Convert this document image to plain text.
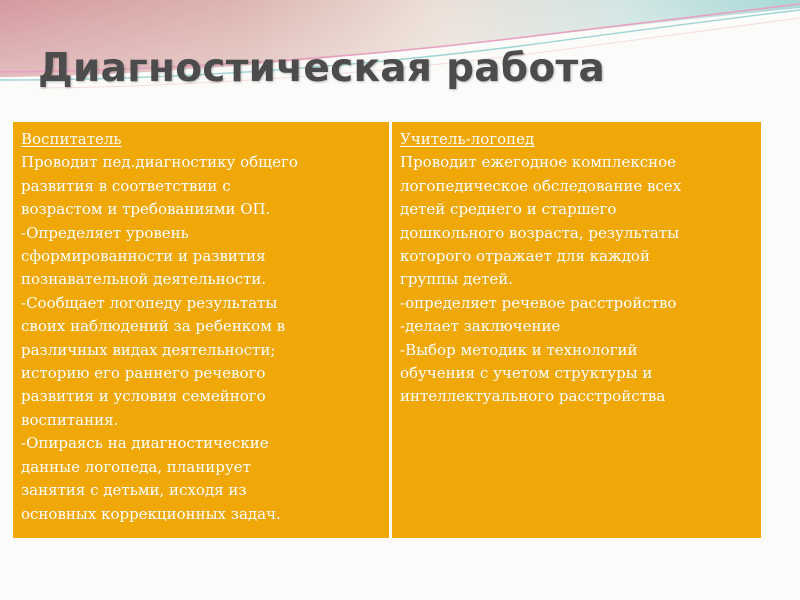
Диагностическая работа
Воспитатель
Проводит пед.диагностику общего
развития в соответствии с
возрастом и требованиями ОП.
-Определяет уровень
сформированности и развития
познавательной деятельности.
-Сообщает логопеду результаты
своих наблюдений за ребенком в
различных видах деятельности;
историю его раннего речевого
развития и условия семейного
воспитания.
-Опираясь на диагностические
данные логопеда, планирует
занятия с детьми, исходя из
основных коррекционных задач.
Учитель-логопед
Проводит ежегодное комплексное
логопедическое обследование всех
детей среднего и старшего
дошкольного возраста, результаты
которого отражает для каждой
группы детей.
-определяет речевое расстройство
-делает заключение
-Выбор методик и технологий
обучения с учетом структуры и
интеллектуального расстройства
